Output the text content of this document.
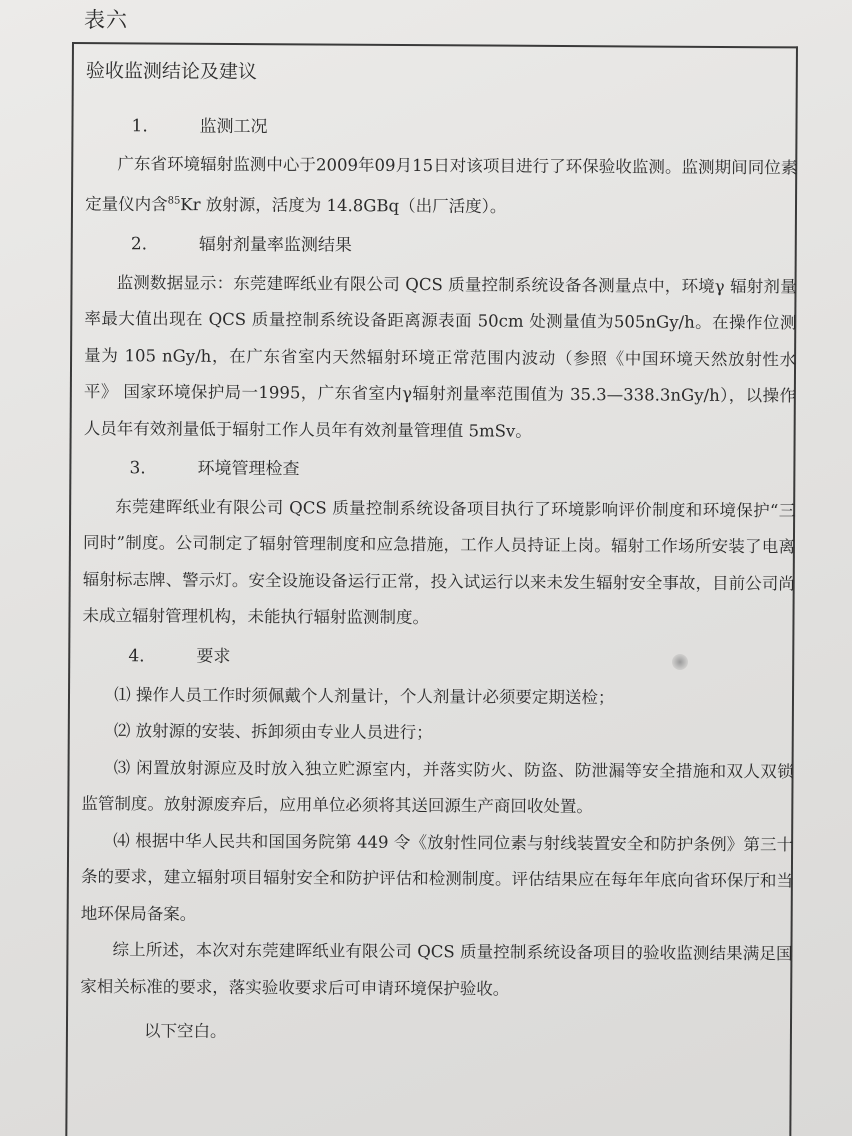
表六
验收监测结论及建议
1.	监测工况

广东省环境辐射监测中心于2009年09月15日对该项目进行了环保验收监测。监测期间同位素定量仪内含$^{85}$Kr 放射源，活度为 14.8GBq（出厂活度）。

2.	辐射剂量率监测结果

监测数据显示：东莞建晖纸业有限公司 QCS 质量控制系统设备各测量点中，环境γ 辐射剂量率最大值出现在 QCS 质量控制系统设备距离源表面 50cm 处测量值为505nGy/h。在操作位测量为 105 nGy/h，在广东省室内天然辐射环境正常范围内波动（参照《中国环境天然放射性水平》 国家环境保护局一1995，广东省室内γ辐射剂量率范围值为 35.3—338.3nGy/h），以操作人员年有效剂量低于辐射工作人员年有效剂量管理值 5mSv。

3.	环境管理检查

东莞建晖纸业有限公司 QCS 质量控制系统设备项目执行了环境影响评价制度和环境保护“三同时”制度。公司制定了辐射管理制度和应急措施，工作人员持证上岗。辐射工作场所安装了电离辐射标志牌、警示灯。安全设施设备运行正常，投入试运行以来未发生辐射安全事故，目前公司尚未成立辐射管理机构，未能执行辐射监测制度。

4.	要求

⑴ 操作人员工作时须佩戴个人剂量计，个人剂量计必须要定期送检；

⑵ 放射源的安装、拆卸须由专业人员进行；

⑶ 闲置放射源应及时放入独立贮源室内，并落实防火、防盗、防泄漏等安全措施和双人双锁监管制度。放射源废弃后，应用单位必须将其送回源生产商回收处置。

⑷ 根据中华人民共和国国务院第 449 令《放射性同位素与射线装置安全和防护条例》第三十条的要求，建立辐射项目辐射安全和防护评估和检测制度。评估结果应在每年年底向省环保厅和当地环保局备案。

综上所述，本次对东莞建晖纸业有限公司 QCS 质量控制系统设备项目的验收监测结果满足国家相关标准的要求，落实验收要求后可申请环境保护验收。

以下空白。
